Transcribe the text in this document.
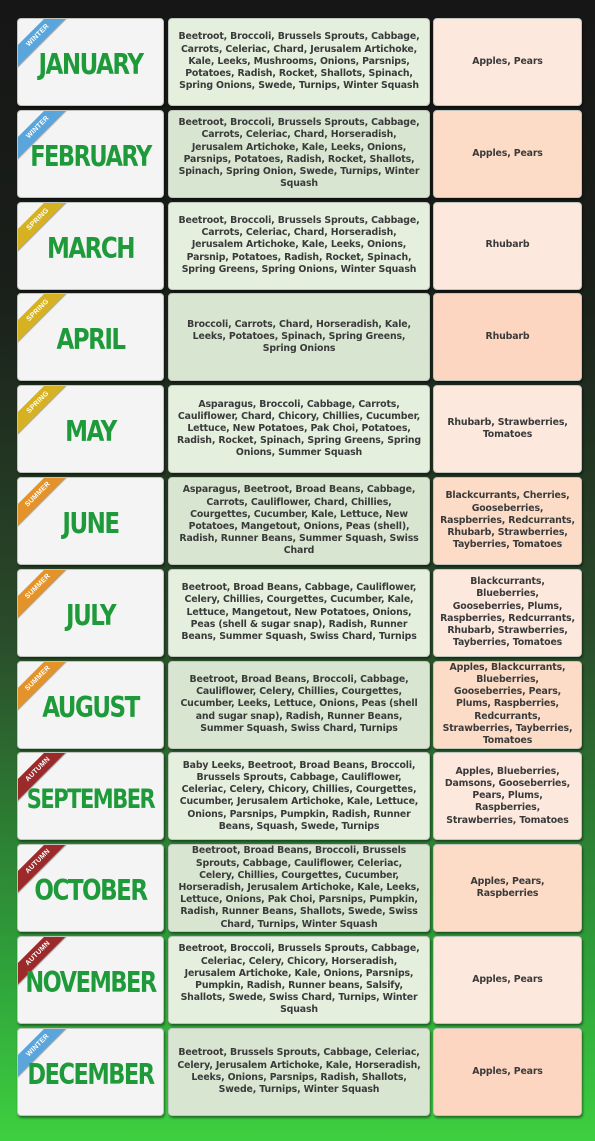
WINTER
JANUARY
Beetroot, Broccoli, Brussels Sprouts, Cabbage, Carrots, Celeriac, Chard, Jerusalem Artichoke, Kale, Leeks, Mushrooms, Onions, Parsnips, Potatoes, Radish, Rocket, Shallots, Spinach, Spring Onions, Swede, Turnips, Winter Squash
Apples, Pears
WINTER
FEBRUARY
Beetroot, Broccoli, Brussels Sprouts, Cabbage, Carrots, Celeriac, Chard, Horseradish, Jerusalem Artichoke, Kale, Leeks, Onions, Parsnips, Potatoes, Radish, Rocket, Shallots, Spinach, Spring Onion, Swede, Turnips, Winter Squash
Apples, Pears
SPRING
MARCH
Beetroot, Broccoli, Brussels Sprouts, Cabbage, Carrots, Celeriac, Chard, Horseradish, Jerusalem Artichoke, Kale, Leeks, Onions, Parsnip, Potatoes, Radish, Rocket, Spinach, Spring Greens, Spring Onions, Winter Squash
Rhubarb
SPRING
APRIL	Broccoli, Carrots, Chard, Horseradish, Kale, Leeks, Potatoes, Spinach, Spring Greens, Spring Onions
Rhubarb
SPRING
MAY
Asparagus, Broccoli, Cabbage, Carrots, Cauliflower, Chard, Chicory, Chillies, Cucumber, Lettuce, New Potatoes, Pak Choi, Potatoes, Radish, Rocket, Spinach, Spring Greens, Spring Onions, Summer Squash
Rhubarb, Strawberries, Tomatoes
SUMMER
JUNE
Asparagus, Beetroot, Broad Beans, Cabbage, Carrots, Cauliflower, Chard, Chillies, Courgettes, Cucumber, Kale, Lettuce, New Potatoes, Mangetout, Onions, Peas (shell), Radish, Runner Beans, Summer Squash, Swiss Chard
Blackcurrants, Cherries, Gooseberries, Raspberries, Redcurrants, Rhubarb, Strawberries, Tayberries, Tomatoes
SUMMER
JULY
Beetroot, Broad Beans, Cabbage, Cauliflower, Celery, Chillies, Courgettes, Cucumber, Kale, Lettuce, Mangetout, New Potatoes, Onions, Peas (shell & sugar snap), Radish, Runner Beans, Summer Squash, Swiss Chard, Turnips
Blackcurrants, Blueberries, Gooseberries, Plums, Raspberries, Redcurrants, Rhubarb, Strawberries, Tayberries, Tomatoes
SUMMER
AUGUST
Beetroot, Broad Beans, Broccoli, Cabbage, Cauliflower, Celery, Chillies, Courgettes, Cucumber, Leeks, Lettuce, Onions, Peas (shell and sugar snap), Radish, Runner Beans, Summer Squash, Swiss Chard, Turnips
Apples, Blackcurrants, Blueberries, Gooseberries, Pears, Plums, Raspberries, Redcurrants, Strawberries, Tayberries, Tomatoes
AUTUMN
SEPTEMBER
Baby Leeks, Beetroot, Broad Beans, Broccoli, Brussels Sprouts, Cabbage, Cauliflower, Celeriac, Celery, Chicory, Chillies, Courgettes, Cucumber, Jerusalem Artichoke, Kale, Lettuce, Onions, Parsnips, Pumpkin, Radish, Runner Beans, Squash, Swede, Turnips
Apples, Blueberries, Damsons, Gooseberries, Pears, Plums, Raspberries, Strawberries, Tomatoes
AUTUMN
OCTOBER
Beetroot, Broad Beans, Broccoli, Brussels Sprouts, Cabbage, Cauliflower, Celeriac, Celery, Chillies, Courgettes, Cucumber, Horseradish, Jerusalem Artichoke, Kale, Leeks, Lettuce, Onions, Pak Choi, Parsnips, Pumpkin, Radish, Runner Beans, Shallots, Swede, Swiss Chard, Turnips, Winter Squash
Apples, Pears, Raspberries
AUTUMN
NOVEMBER
Beetroot, Broccoli, Brussels Sprouts, Cabbage, Celeriac, Celery, Chicory, Horseradish, Jerusalem Artichoke, Kale, Onions, Parsnips, Pumpkin, Radish, Runner beans, Salsify, Shallots, Swede, Swiss Chard, Turnips, Winter Squash
Apples, Pears
WINTER
DECEMBER
Beetroot, Brussels Sprouts, Cabbage, Celeriac, Celery, Jerusalem Artichoke, Kale, Horseradish, Leeks, Onions, Parsnips, Radish, Shallots, Swede, Turnips, Winter Squash
Apples, Pears
